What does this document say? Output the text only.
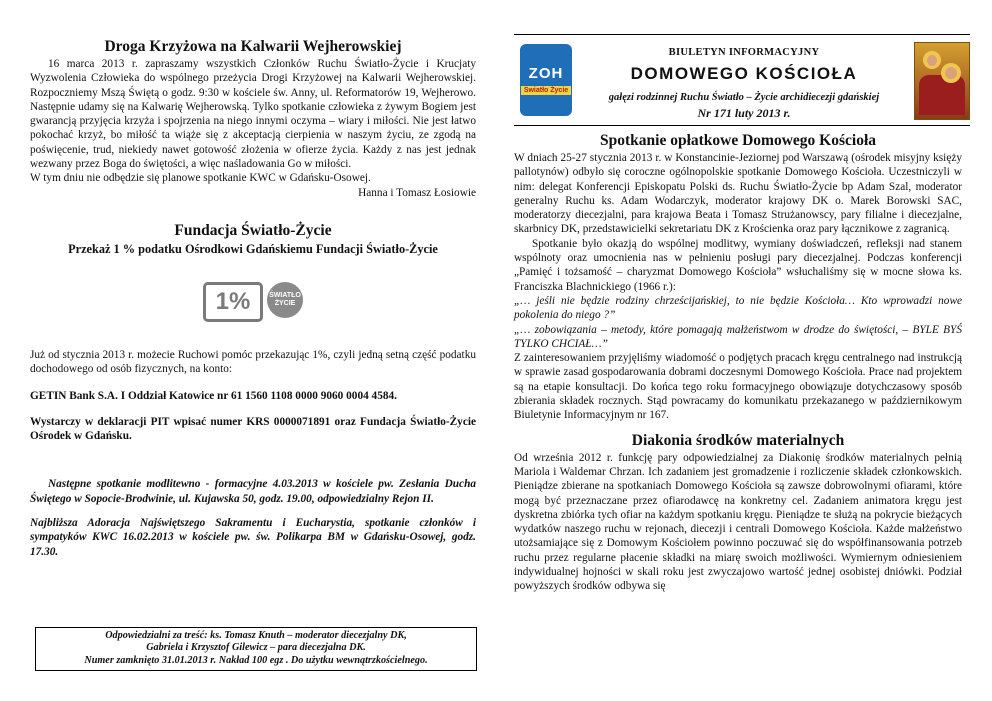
Droga Krzyżowa na Kalwarii Wejherowskiej

16 marca 2013 r. zapraszamy wszystkich Członków Ruchu Światło-Życie i Krucjaty Wyzwolenia Człowieka do wspólnego przeżycia Drogi Krzyżowej na Kalwarii Wejherowskiej. Rozpoczniemy Mszą Świętą o godz. 9:30 w kościele św. Anny, ul. Reformatorów 19, Wejherowo. Następnie udamy się na Kalwarię Wejherowską. Tylko spotkanie człowieka z żywym Bogiem jest gwarancją przyjęcia krzyża i spojrzenia na niego innymi oczyma – wiary i miłości. Nie jest łatwo pokochać krzyż, bo miłość ta wiąże się z akceptacją cierpienia w naszym życiu, ze zgodą na poświęcenie, trud, niekiedy nawet gotowość złożenia w ofierze życia. Każdy z nas jest jednak wezwany przez Boga do świętości, a więc naśladowania Go w miłości.

W tym dniu nie odbędzie się planowe spotkanie KWC w Gdańsku-Osowej.

Hanna i Tomasz Łosiowie

Fundacja Światło-Życie
Przekaż 1 % podatku Ośrodkowi Gdańskiemu Fundacji Światło-Życie
1%	ŚWIATŁO ŻYCIE

Już od stycznia 2013 r. możecie Ruchowi pomóc przekazując 1%, czyli jedną setną część podatku dochodowego od osób fizycznych, na konto:

GETIN Bank S.A. I Oddział Katowice nr 61 1560 1108 0000 9060 0004 4584.

Wystarczy w deklaracji PIT wpisać numer KRS 0000071891 oraz Fundacja Światło-Życie Ośrodek w Gdańsku.

Następne spotkanie modlitewno - formacyjne 4.03.2013 w kościele pw. Zesłania Ducha Świętego w Sopocie-Brodwinie, ul. Kujawska 50, godz. 19.00, odpowiedzialny Rejon II.

Najbliższa Adoracja Najświętszego Sakramentu i Eucharystia, spotkanie członków i sympatyków KWC 16.02.2013 w kościele pw. św. Polikarpa BM w Gdańsku-Osowej, godz. 17.30.

Odpowiedzialni za treść: ks. Tomasz Knuth – moderator diecezjalny DK,

Gabriela i Krzysztof Gilewicz – para diecezjalna DK.

Numer zamknięto 31.01.2013 r. Nakład 100 egz . Do użytku wewnątrzkościelnego.

ZOH
Światło Życie
BIULETYN INFORMACYJNY
DOMOWEGO KOŚCIOŁA
gałęzi rodzinnej Ruchu Światło – Życie archidiecezji gdańskiej
Nr 171 luty 2013 r.
Spotkanie opłatkowe Domowego Kościoła

W dniach 25-27 stycznia 2013 r. w Konstancinie-Jeziornej pod Warszawą (ośrodek misyjny księży pallotynów) odbyło się coroczne ogólnopolskie spotkanie Domowego Kościoła. Uczestniczyli w nim: delegat Konferencji Episkopatu Polski ds. Ruchu Światło-Życie bp Adam Szal, moderator generalny Ruchu ks. Adam Wodarczyk, moderator krajowy DK o. Marek Borowski SAC, moderatorzy diecezjalni, para krajowa Beata i Tomasz Strużanowscy, pary filialne i diecezjalne, skarbnicy DK, przedstawicielki sekretariatu DK z Krościenka oraz pary łącznikowe z zagranicą.

Spotkanie było okazją do wspólnej modlitwy, wymiany doświadczeń, refleksji nad stanem wspólnoty oraz umocnienia nas w pełnieniu posługi pary diecezjalnej. Podczas konferencji „Pamięć i tożsamość – charyzmat Domowego Kościoła” wsłuchaliśmy się w mocne słowa ks. Franciszka Blachnickiego (1966 r.):

„… jeśli nie będzie rodziny chrześcijańskiej, to nie będzie Kościoła… Kto wprowadzi nowe pokolenia do niego ?”

„… zobowiązania – metody, które pomagają małżeństwom w drodze do świętości, – BYLE BYŚ TYLKO CHCIAŁ…”

Z zainteresowaniem przyjęliśmy wiadomość o podjętych pracach kręgu centralnego nad instrukcją w sprawie zasad gospodarowania dobrami doczesnymi Domowego Kościoła. Prace nad projektem są na etapie konsultacji. Do końca tego roku formacyjnego obowiązuje dotychczasowy sposób zbierania składek rocznych. Stąd powracamy do komunikatu przekazanego w październikowym Biuletynie Informacyjnym nr 167.

Diakonia środków materialnych

Od września 2012 r. funkcję pary odpowiedzialnej za Diakonię środków materialnych pełnią Mariola i Waldemar Chrzan. Ich zadaniem jest gromadzenie i rozliczenie składek członkowskich. Pieniądze zbierane na spotkaniach Domowego Kościoła są zawsze dobrowolnymi ofiarami, które mogą być przeznaczane przez ofiarodawcę na konkretny cel. Zadaniem animatora kręgu jest dyskretna zbiórka tych ofiar na każdym spotkaniu kręgu. Pieniądze te służą na pokrycie bieżących wydatków naszego ruchu w rejonach, diecezji i centrali Domowego Kościoła. Każde małżeństwo utożsamiające się z Domowym Kościołem powinno poczuwać się do współfinansowania potrzeb ruchu przez regularne płacenie składki na miarę swoich możliwości. Wymiernym odniesieniem indywidualnej hojności w skali roku jest zwyczajowo wartość jednej osobistej dniówki. Podział powyższych środków odbywa się
